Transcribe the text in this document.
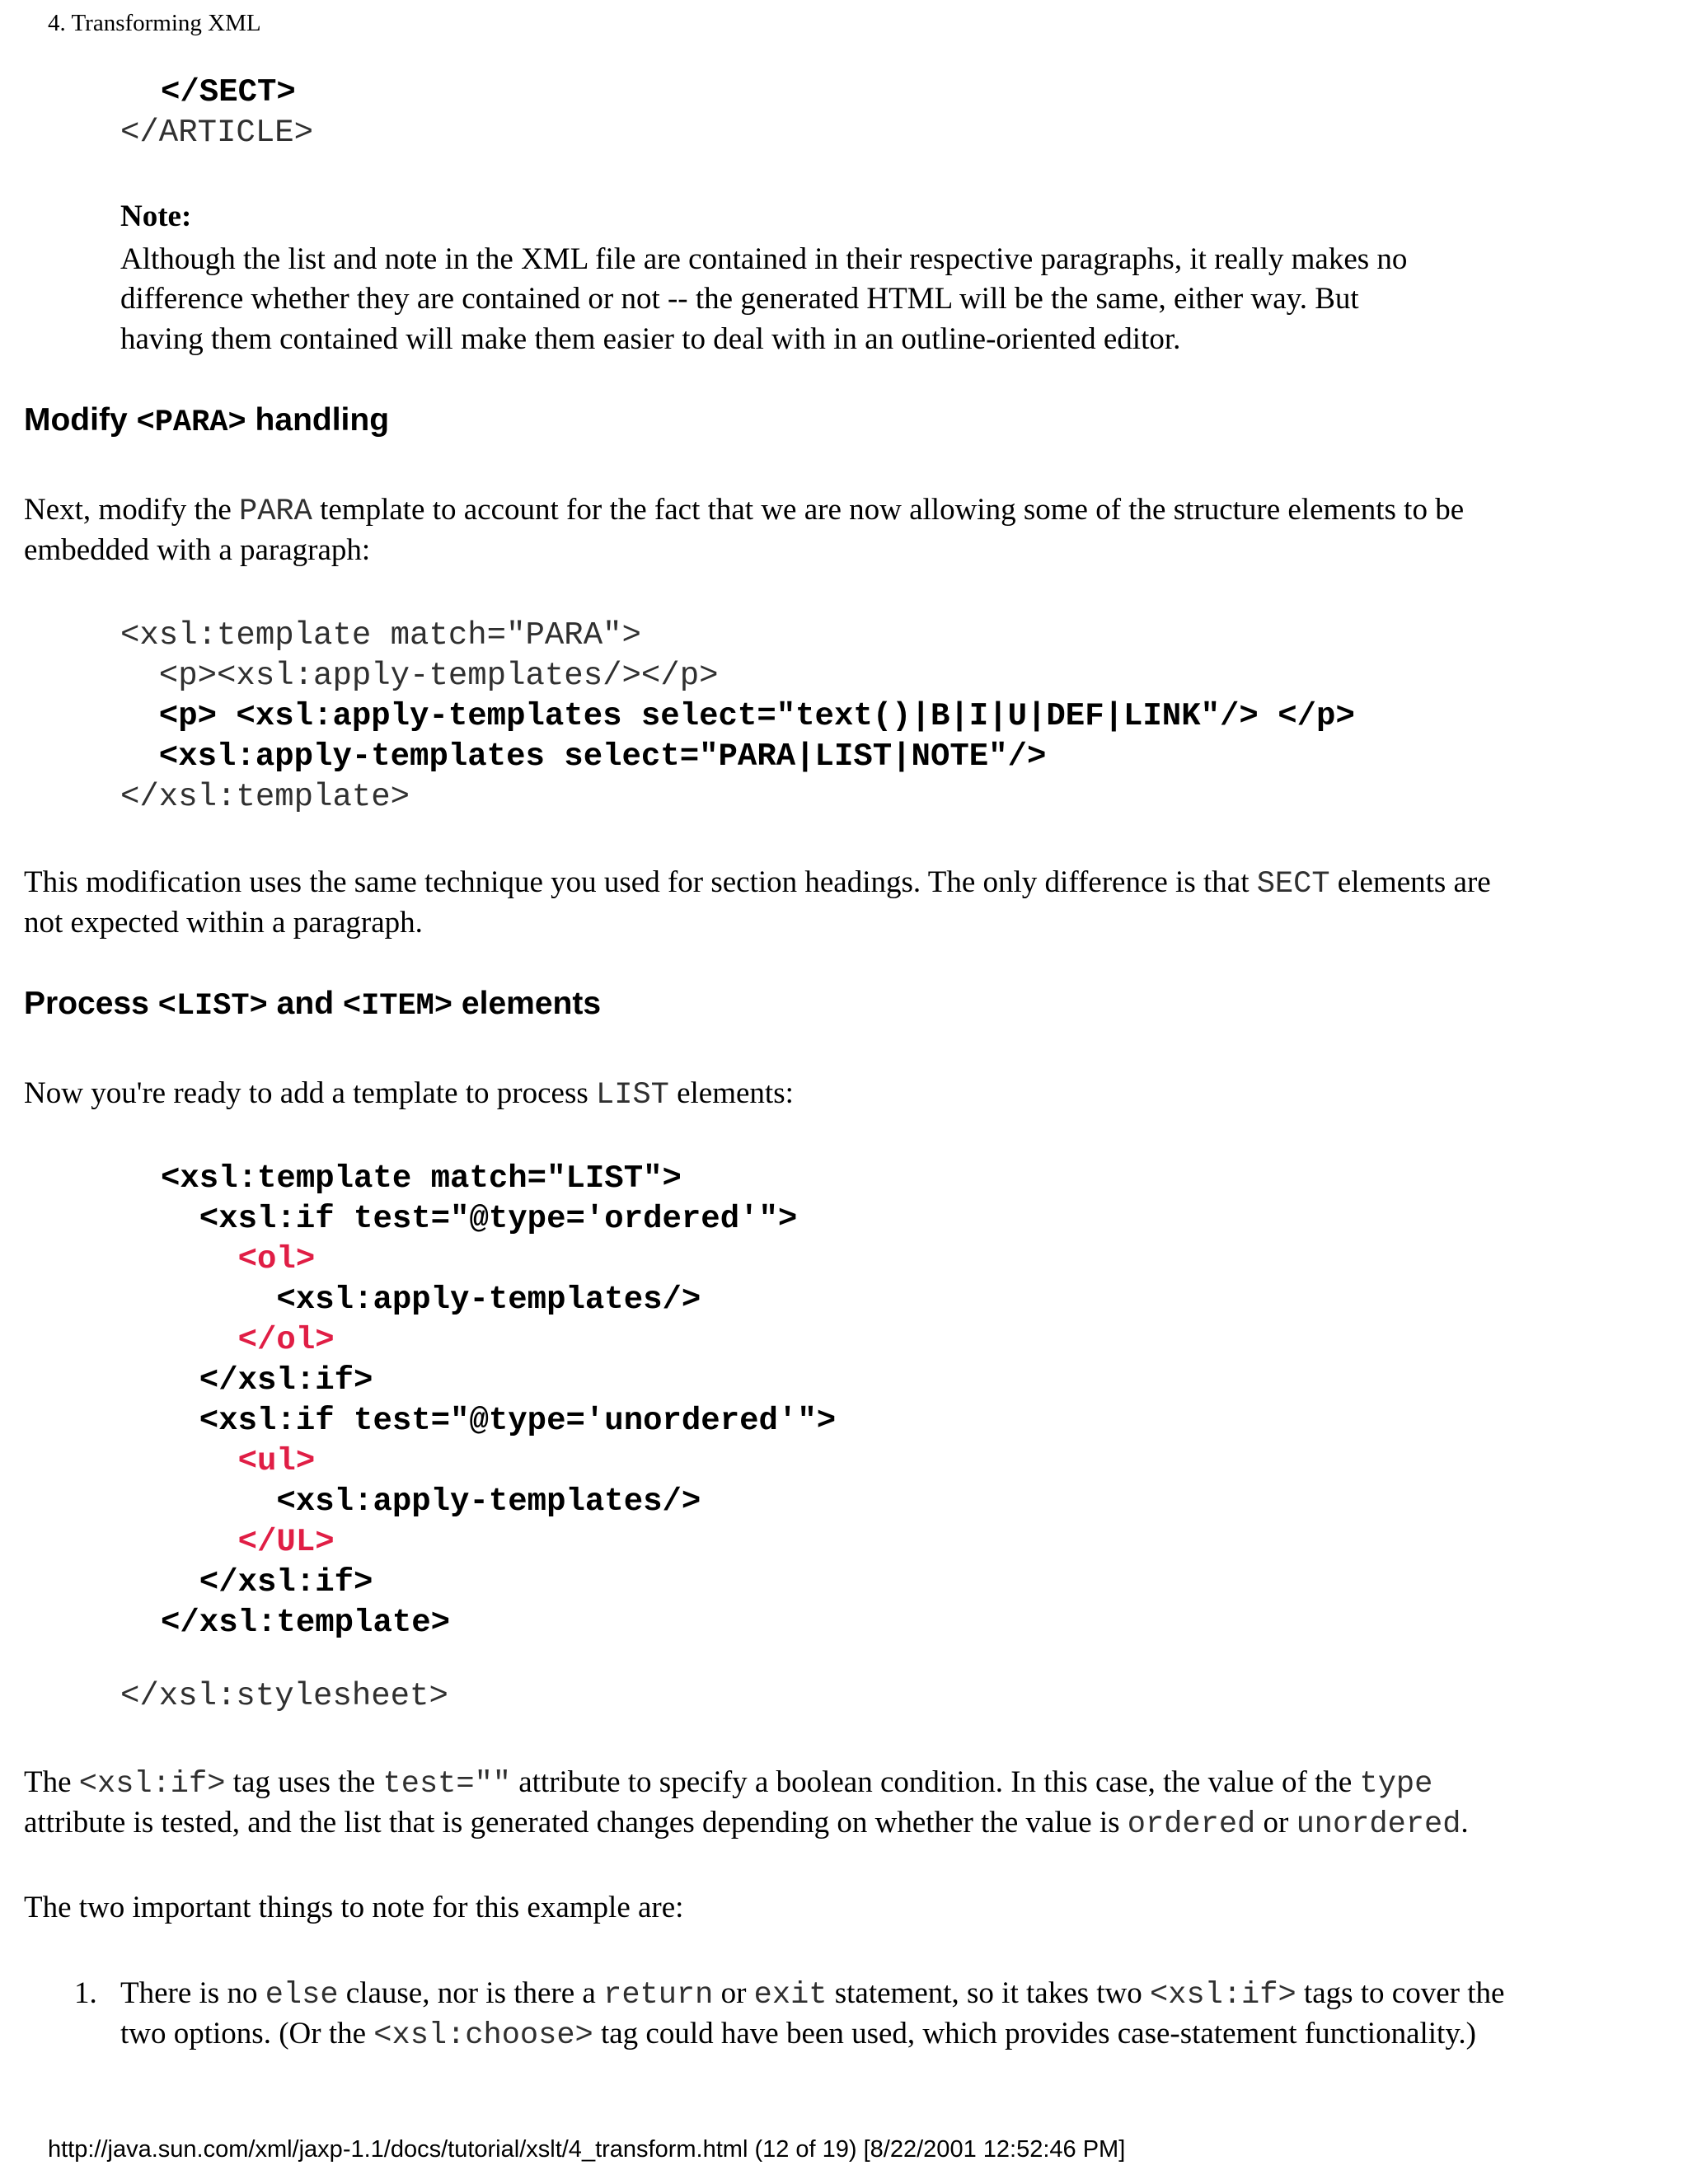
4. Transforming XML
</SECT>
</ARTICLE>
Note:
Although the list and note in the XML file are contained in their respective paragraphs, it really makes no
difference whether they are contained or not -- the generated HTML will be the same, either way. But
having them contained will make them easier to deal with in an outline-oriented editor.
Modify <PARA> handling
Next, modify the PARA template to account for the fact that we are now allowing some of the structure elements to be
embedded with a paragraph:
<xsl:template match="PARA">
<p><xsl:apply-templates/></p>
<p> <xsl:apply-templates select="text()|B|I|U|DEF|LINK"/> </p>
<xsl:apply-templates select="PARA|LIST|NOTE"/>
</xsl:template>
This modification uses the same technique you used for section headings. The only difference is that SECT elements are
not expected within a paragraph.
Process <LIST> and <ITEM> elements
Now you're ready to add a template to process LIST elements:
<xsl:template match="LIST">
<xsl:if test="@type='ordered'">
<ol>
<xsl:apply-templates/>
</ol>
</xsl:if>
<xsl:if test="@type='unordered'">
<ul>
<xsl:apply-templates/>
</UL>
</xsl:if>
</xsl:template>
</xsl:stylesheet>
The <xsl:if> tag uses the test="" attribute to specify a boolean condition. In this case, the value of the type
attribute is tested, and the list that is generated changes depending on whether the value is ordered or unordered.
The two important things to note for this example are:
1. There is no else clause, nor is there a return or exit statement, so it takes two <xsl:if> tags to cover the
two options. (Or the <xsl:choose> tag could have been used, which provides case-statement functionality.)
http://java.sun.com/xml/jaxp-1.1/docs/tutorial/xslt/4_transform.html (12 of 19) [8/22/2001 12:52:46 PM]
